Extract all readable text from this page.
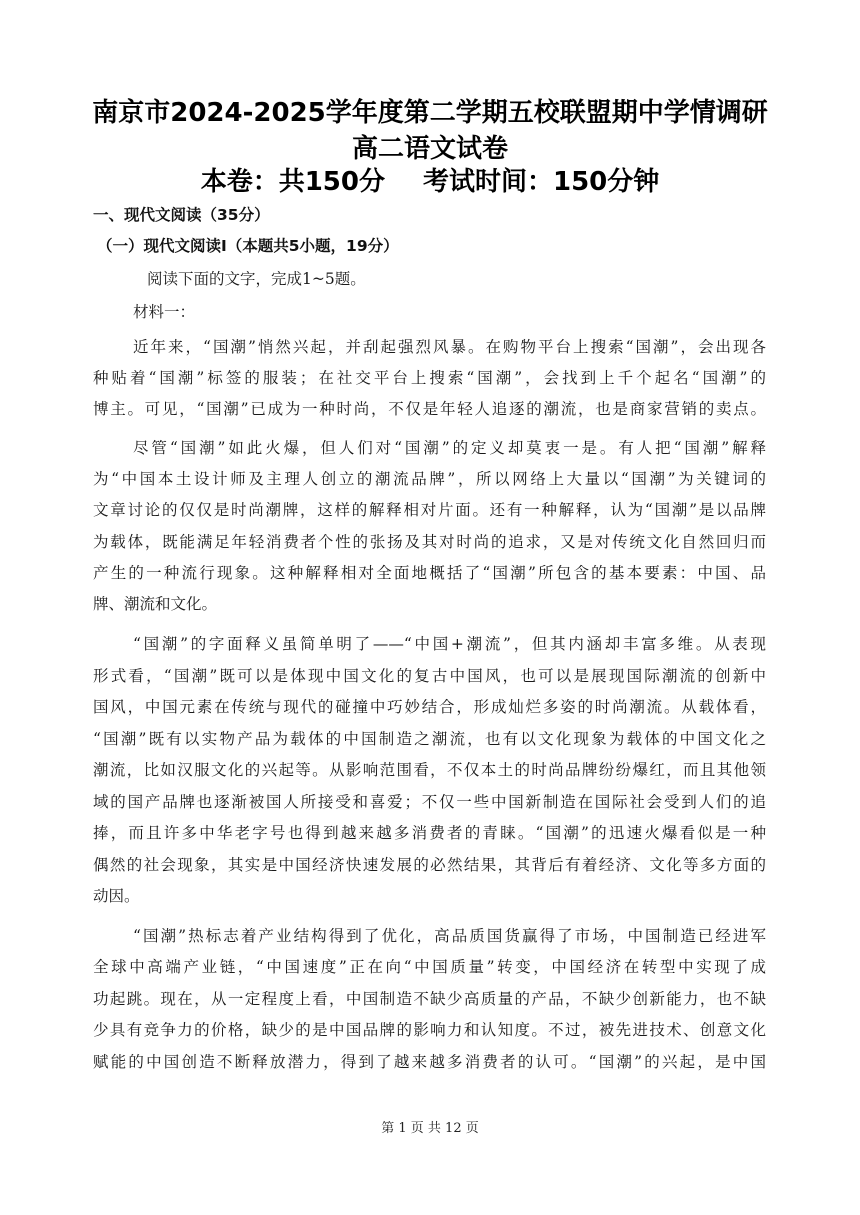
南京市2024-2025学年度第二学期五校联盟期中学情调研
高二语文试卷
本卷：共150分 考试时间：150分钟
一、现代文阅读（35分）
（一）现代文阅读Ⅰ（本题共5小题，19分）
阅读下面的文字，完成1~5题。
材料一：
近年来，“国潮”悄然兴起，并刮起强烈风暴。在购物平台上搜索“国潮”，会出现各
种贴着“国潮”标签的服装；在社交平台上搜索“国潮”，会找到上千个起名“国潮”的
博主。可见，“国潮”已成为一种时尚，不仅是年轻人追逐的潮流，也是商家营销的卖点。
尽管“国潮”如此火爆，但人们对“国潮”的定义却莫衷一是。有人把“国潮”解释
为“中国本土设计师及主理人创立的潮流品牌”，所以网络上大量以“国潮”为关键词的
文章讨论的仅仅是时尚潮牌，这样的解释相对片面。还有一种解释，认为“国潮”是以品牌
为载体，既能满足年轻消费者个性的张扬及其对时尚的追求，又是对传统文化自然回归而
产生的一种流行现象。这种解释相对全面地概括了“国潮”所包含的基本要素：中国、品
牌、潮流和文化。
“国潮”的字面释义虽简单明了——“中国+潮流”，但其内涵却丰富多维。从表现
形式看，“国潮”既可以是体现中国文化的复古中国风，也可以是展现国际潮流的创新中
国风，中国元素在传统与现代的碰撞中巧妙结合，形成灿烂多姿的时尚潮流。从载体看，
“国潮”既有以实物产品为载体的中国制造之潮流，也有以文化现象为载体的中国文化之
潮流，比如汉服文化的兴起等。从影响范围看，不仅本土的时尚品牌纷纷爆红，而且其他领
域的国产品牌也逐渐被国人所接受和喜爱；不仅一些中国新制造在国际社会受到人们的追
捧，而且许多中华老字号也得到越来越多消费者的青睐。“国潮”的迅速火爆看似是一种
偶然的社会现象，其实是中国经济快速发展的必然结果，其背后有着经济、文化等多方面的
动因。
“国潮”热标志着产业结构得到了优化，高品质国货赢得了市场，中国制造已经进军
全球中高端产业链，“中国速度”正在向“中国质量”转变，中国经济在转型中实现了成
功起跳。现在，从一定程度上看，中国制造不缺少高质量的产品，不缺少创新能力，也不缺
少具有竞争力的价格，缺少的是中国品牌的影响力和认知度。不过，被先进技术、创意文化
赋能的中国创造不断释放潜力，得到了越来越多消费者的认可。“国潮”的兴起，是中国
第 1 页 共 12 页
